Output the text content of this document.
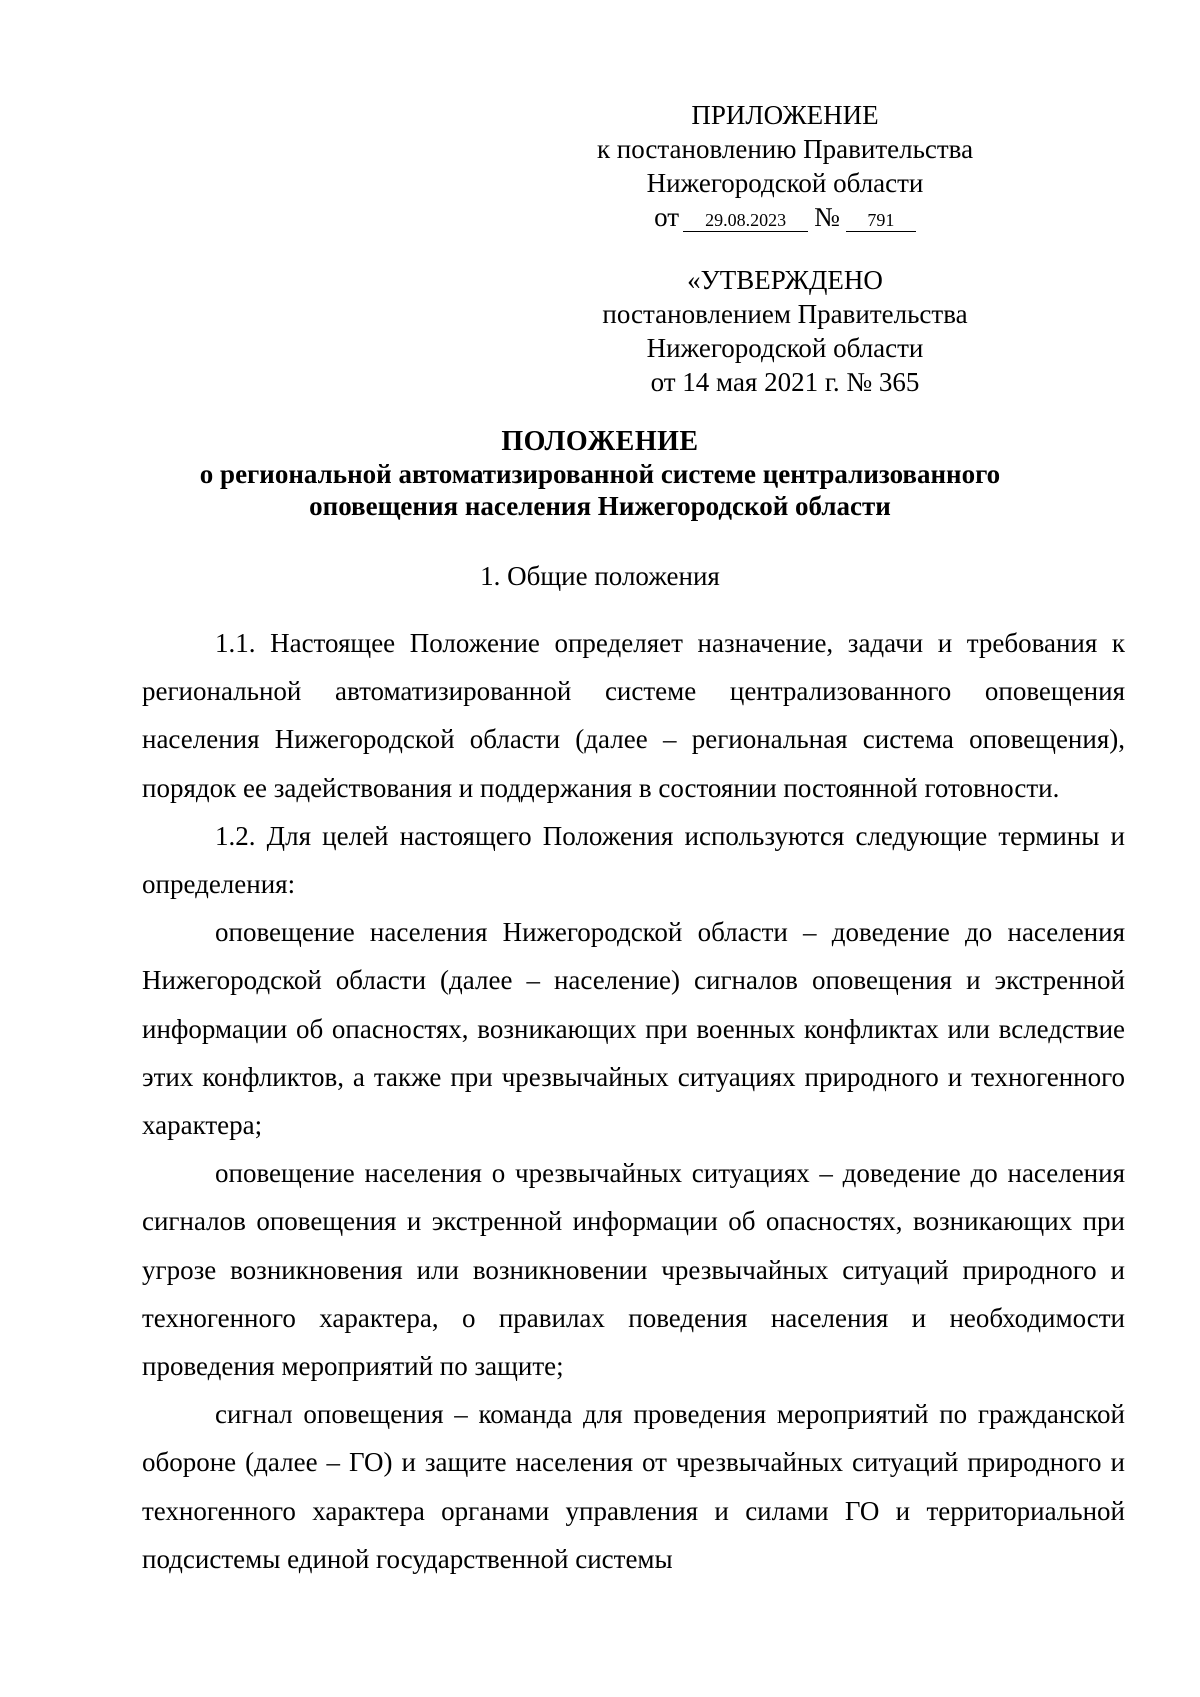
ПРИЛОЖЕНИЕ
к постановлению Правительства
Нижегородской области
от 29.08.2023 № 791
«УТВЕРЖДЕНО
постановлением Правительства
Нижегородской области
от 14 мая 2021 г. № 365
ПОЛОЖЕНИЕ
о региональной автоматизированной системе централизованного
оповещения населения Нижегородской области
1. Общие положения

1.1. Настоящее Положение определяет назначение, задачи и требования к региональной автоматизированной системе централизованного оповещения населения Нижегородской области (далее – региональная система оповещения), порядок ее задействования и поддержания в состоянии постоянной готовности.

1.2. Для целей настоящего Положения используются следующие термины и определения:

оповещение населения Нижегородской области – доведение до населения Нижегородской области (далее – население) сигналов оповещения и экстренной информации об опасностях, возникающих при военных конфликтах или вследствие этих конфликтов, а также при чрезвычайных ситуациях природного и техногенного характера;

оповещение населения о чрезвычайных ситуациях – доведение до населения сигналов оповещения и экстренной информации об опасностях, возникающих при угрозе возникновения или возникновении чрезвычайных ситуаций природного и техногенного характера, о правилах поведения населения и необходимости проведения мероприятий по защите;

сигнал оповещения – команда для проведения мероприятий по гражданской обороне (далее – ГО) и защите населения от чрезвычайных ситуаций природного и техногенного характера органами управления и силами ГО и территориальной подсистемы единой государственной системы
